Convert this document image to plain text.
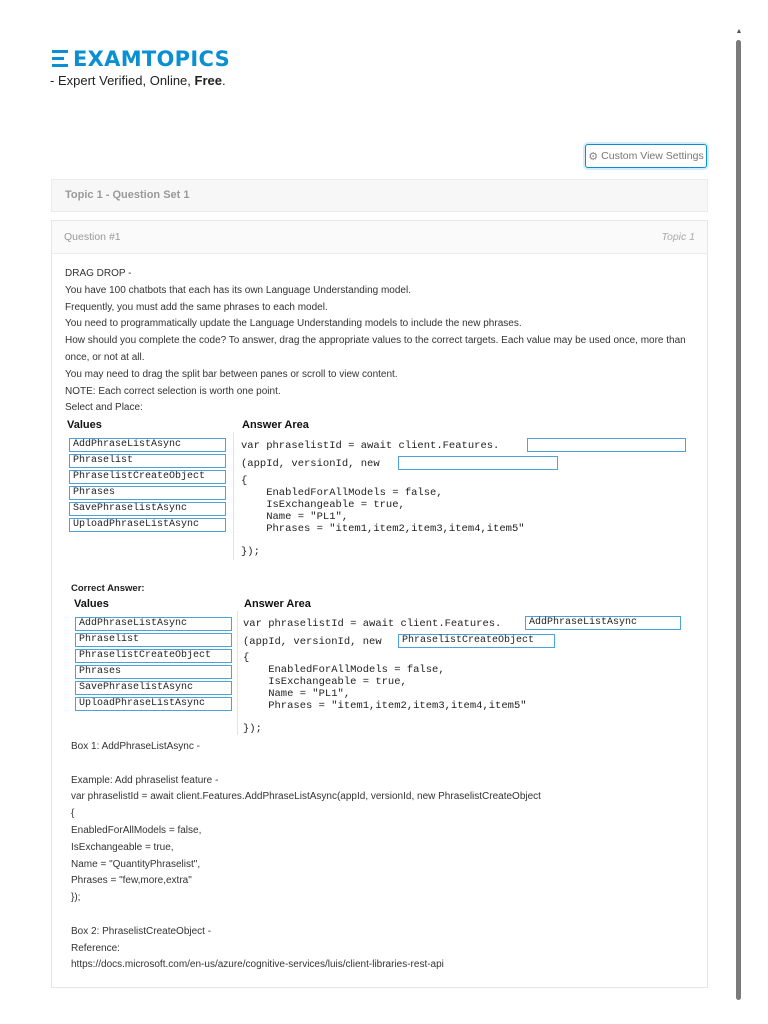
EXAMTOPICS
- Expert Verified, Online, Free.
⚙ Custom View Settings
Topic 1 - Question Set 1
Question #1	Topic 1

DRAG DROP -

You have 100 chatbots that each has its own Language Understanding model.

Frequently, you must add the same phrases to each model.

You need to programmatically update the Language Understanding models to include the new phrases.

How should you complete the code? To answer, drag the appropriate values to the correct targets. Each value may be used once, more than once, or not at all.

You may need to drag the split bar between panes or scroll to view content.

NOTE: Each correct selection is worth one point.

Select and Place:

Values
AddPhraseListAsync
Phraselist
PhraselistCreateObject
Phrases
SavePhraselistAsync
UploadPhraseListAsync
Answer Area
var phraselistId = await client.Features.
(appId, versionId, new
{
EnabledForAllModels = false,
IsExchangeable = true,
Name = "PL1",
Phrases = "item1,item2,item3,item4,item5"
});
Correct Answer:
Values
AddPhraseListAsync
Phraselist
PhraselistCreateObject
Phrases
SavePhraselistAsync
UploadPhraseListAsync
Answer Area
var phraselistId = await client.Features.	AddPhraseListAsync
(appId, versionId, new	PhraselistCreateObject
{
EnabledForAllModels = false,
IsExchangeable = true,
Name = "PL1",
Phrases = "item1,item2,item3,item4,item5"
});

Box 1: AddPhraseListAsync -

Example: Add phraselist feature -

var phraselistId = await client.Features.AddPhraseListAsync(appId, versionId, new PhraselistCreateObject

{

EnabledForAllModels = false,

IsExchangeable = true,

Name = "QuantityPhraselist",

Phrases = "few,more,extra"

});

Box 2: PhraselistCreateObject -

Reference:

https://docs.microsoft.com/en-us/azure/cognitive-services/luis/client-libraries-rest-api

▲
